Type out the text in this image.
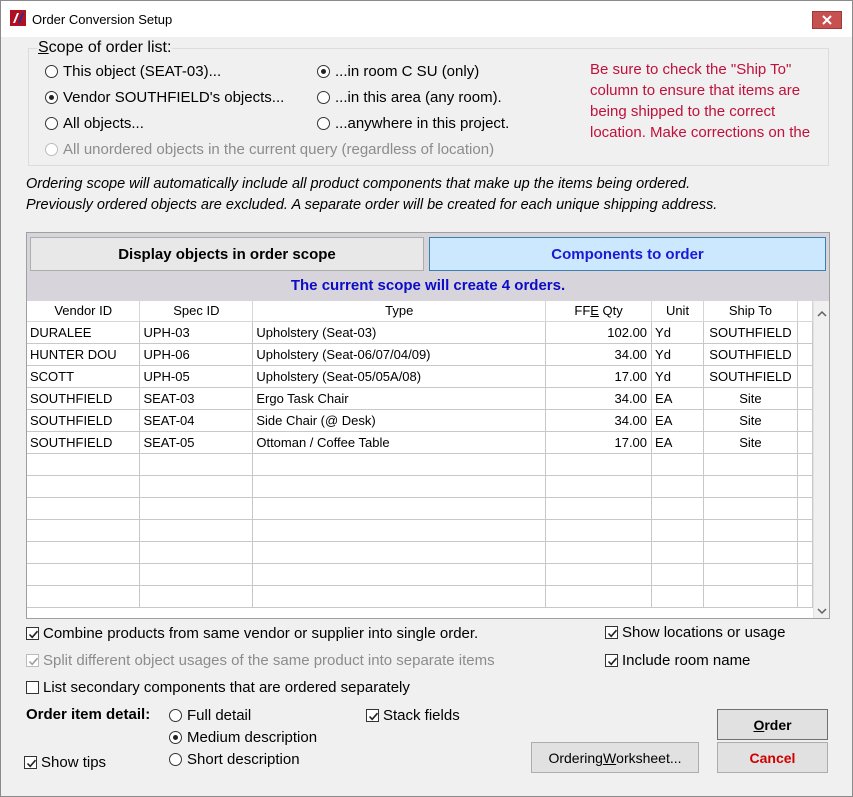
Order Conversion Setup
Scope of order list:
This object (SEAT-03)...
Vendor SOUTHFIELD's objects...
All objects...
...in room C SU (only)
...in this area (any room).
...anywhere in this project.
All unordered objects in the current query (regardless of location)
Be sure to check the "Ship To" column to ensure that items are being shipped to the correct location. Make corrections on the
Ordering scope will automatically include all product components that make up the items being ordered.
Previously ordered objects are excluded. A separate order will be created for each unique shipping address.
Display objects in order scope	Components to order
The current scope will create 4 orders.
Vendor ID	Spec ID	Type	FFE Qty	Unit	Ship To	
DURALEE	UPH-03	Upholstery (Seat-03)	102.00	Yd	SOUTHFIELD	
HUNTER DOU	UPH-06	Upholstery (Seat-06/07/04/09)	34.00	Yd	SOUTHFIELD	
SCOTT	UPH-05	Upholstery (Seat-05/05A/08)	17.00	Yd	SOUTHFIELD	
SOUTHFIELD	SEAT-03	Ergo Task Chair	34.00	EA	Site	
SOUTHFIELD	SEAT-04	Side Chair (@ Desk)	34.00	EA	Site	
SOUTHFIELD	SEAT-05	Ottoman / Coffee Table	17.00	EA	Site	

Combine products from same vendor or supplier into single order.
Split different object usages of the same product into separate items
List secondary components that are ordered separately
Show locations or usage
Include room name
Order item detail: Full detail
Medium description
Short description
Stack fields
Show tips
O rder
Cancel
Ordering W orksheet...
